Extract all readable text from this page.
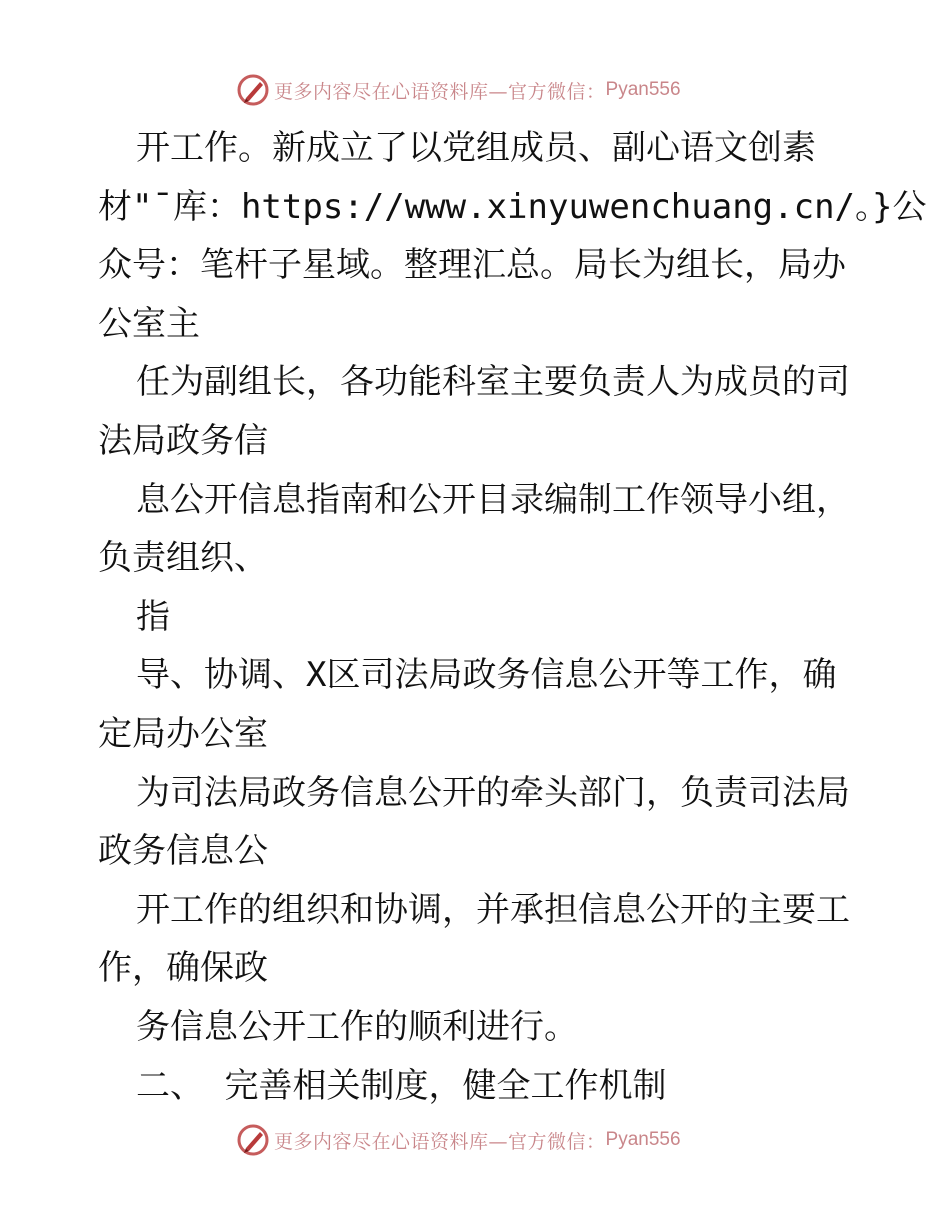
更多内容尽在心语资料库—官方微信： Pyan556
开工作。新成立了以党组成员、副心语文创素
材"¯库：https://www.xinyuwenchuang.cn/。}公
众号：笔杆子星域。整理汇总。局长为组长，局办
公室主
任为副组长，各功能科室主要负责人为成员的司
法局政务信
息公开信息指南和公开目录编制工作领导小组，
负责组织、
指
导、协调、X区司法局政务信息公开等工作，确
定局办公室
为司法局政务信息公开的牵头部门，负责司法局
政务信息公
开工作的组织和协调，并承担信息公开的主要工
作，确保政
务信息公开工作的顺利进行。
二、 完善相关制度，健全工作机制
更多内容尽在心语资料库—官方微信： Pyan556
